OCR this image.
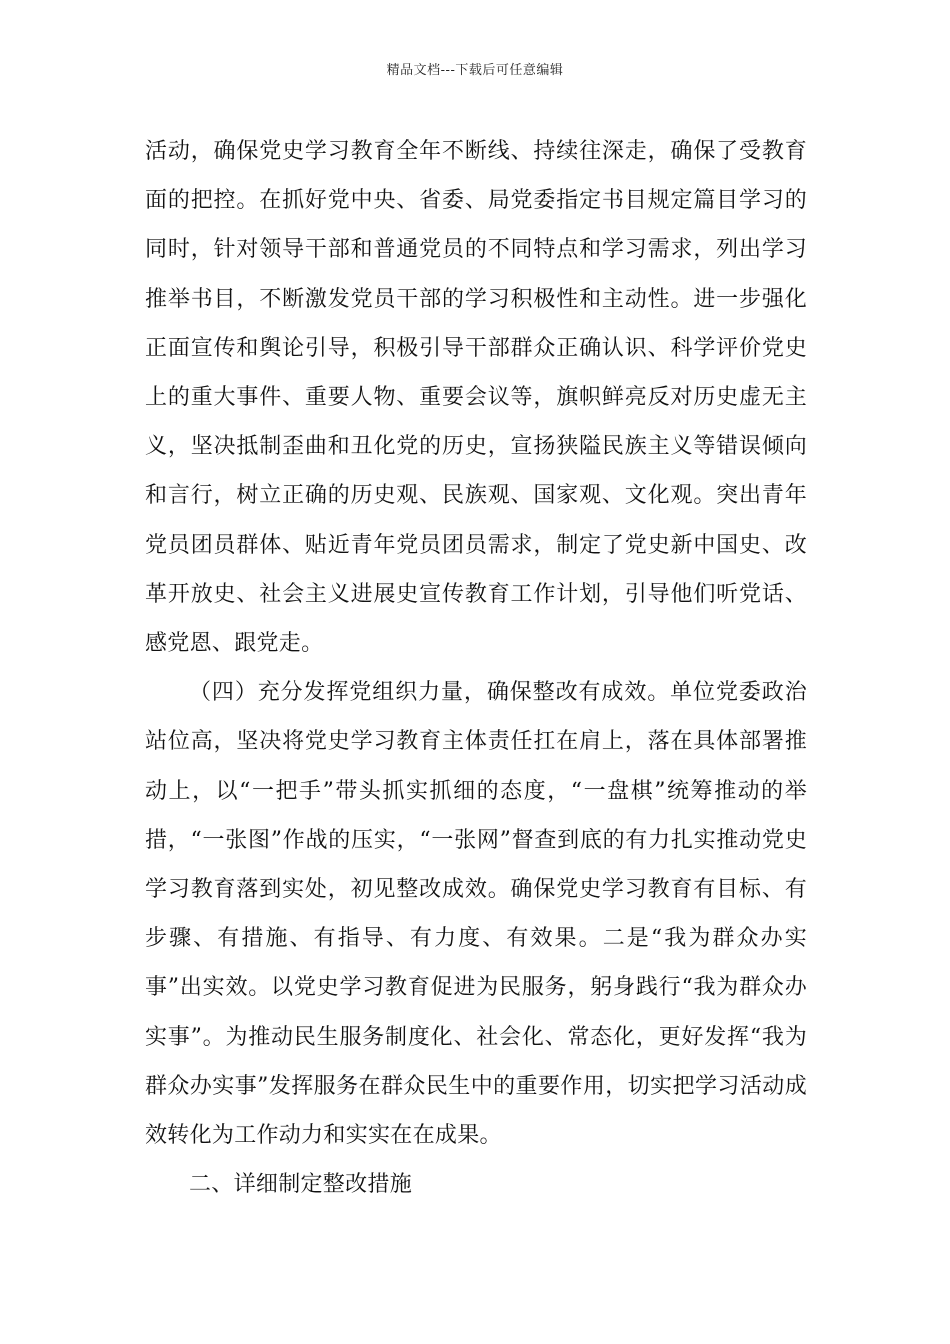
精品文档---下载后可任意编辑

活动，确保党史学习教育全年不断线、持续往深走，确保了受教育面的把控。在抓好党中央、省委、局党委指定书目规定篇目学习的同时，针对领导干部和普通党员的不同特点和学习需求，列出学习推举书目，不断激发党员干部的学习积极性和主动性。进一步强化正面宣传和舆论引导，积极引导干部群众正确认识、科学评价党史上的重大事件、重要人物、重要会议等，旗帜鲜亮反对历史虚无主义，坚决抵制歪曲和丑化党的历史，宣扬狭隘民族主义等错误倾向和言行，树立正确的历史观、民族观、国家观、文化观。突出青年党员团员群体、贴近青年党员团员需求，制定了党史新中国史、改革开放史、社会主义进展史宣传教育工作计划，引导他们听党话、感党恩、跟党走。

（四）充分发挥党组织力量，确保整改有成效。单位党委政治站位高，坚决将党史学习教育主体责任扛在肩上，落在具体部署推动上，以“一把手”带头抓实抓细的态度，“一盘棋”统筹推动的举措，“一张图”作战的压实，“一张网”督查到底的有力扎实推动党史学习教育落到实处，初见整改成效。确保党史学习教育有目标、有步骤、有措施、有指导、有力度、有效果。二是“我为群众办实事”出实效。以党史学习教育促进为民服务，躬身践行“我为群众办实事”。为推动民生服务制度化、社会化、常态化，更好发挥“我为群众办实事”发挥服务在群众民生中的重要作用，切实把学习活动成效转化为工作动力和实实在在成果。

二、详细制定整改措施
